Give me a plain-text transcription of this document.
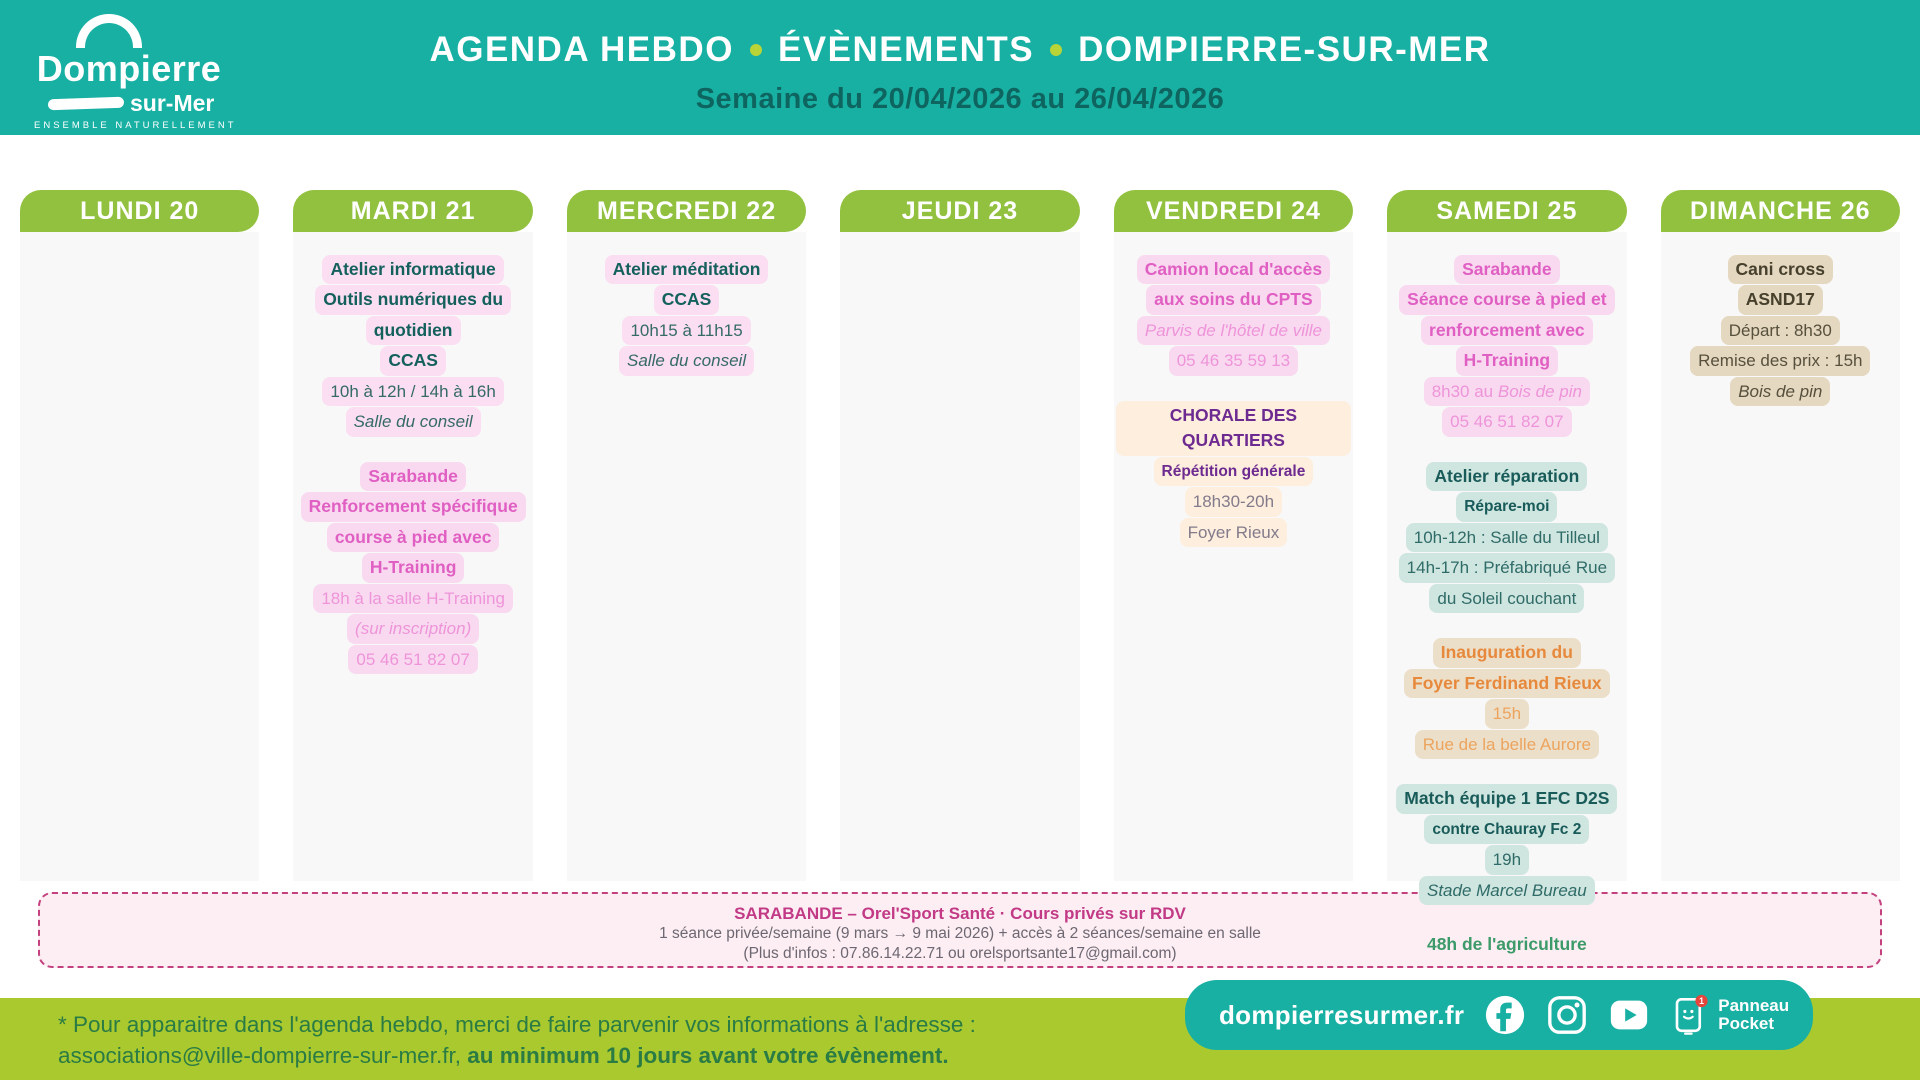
Dompierre
sur-Mer
ENSEMBLE NATURELLEMENT
AGENDA HEBDO ÉVÈNEMENTS DOMPIERRE-SUR-MER
Semaine du 20/04/2026 au 26/04/2026
LUNDI 20	MARDI 21
Atelier informatique
Outils numériques du
quotidien
CCAS
10h à 12h / 14h à 16h
Salle du conseil
Sarabande
Renforcement spécifique
course à pied avec
H-Training
18h à la salle H-Training
(sur inscription)
05 46 51 82 07
MERCREDI 22
Atelier méditation
CCAS
10h15 à 11h15
Salle du conseil
JEUDI 23	VENDREDI 24
Camion local d'accès
aux soins du CPTS
Parvis de l'hôtel de ville
05 46 35 59 13
CHORALE DES QUARTIERS
Répétition générale
18h30-20h
Foyer Rieux
SAMEDI 25
Sarabande
Séance course à pied et
renforcement avec
H-Training
8h30 au Bois de pin
05 46 51 82 07
Atelier réparation
Répare-moi
10h-12h : Salle du Tilleul
14h-17h : Préfabriqué Rue
du Soleil couchant
Inauguration du
Foyer Ferdinand Rieux
15h
Rue de la belle Aurore
Match équipe 1 EFC D2S
contre Chauray Fc 2
19h
Stade Marcel Bureau
48h de l'agriculture
DIMANCHE 26
Cani cross
ASND17
Départ : 8h30
Remise des prix : 15h
Bois de pin
SARABANDE – Orel'Sport Santé · Cours privés sur RDV
1 séance privée/semaine (9 mars → 9 mai 2026) + accès à 2 séances/semaine en salle
(Plus d'infos : 07.86.14.22.71 ou orelsportsante17@gmail.com)
* Pour apparaitre dans l'agenda hebdo, merci de faire parvenir vos informations à l'adresse :
associations@ville-dompierre-sur-mer.fr, au minimum 10 jours avant votre évènement.
dompierresurmer.fr	1 Panneau
Pocket
